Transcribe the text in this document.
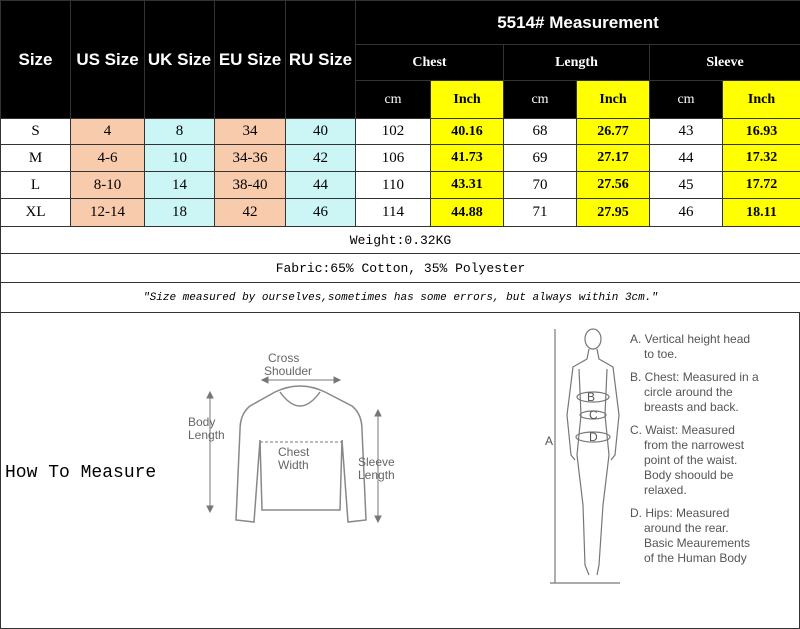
Size	US Size	UK Size	EU Size	RU Size	5514# Measurement					
					Chest		Length		Sleeve	
					cm	Inch	cm	Inch	cm	Inch
S	4	8	34	40	102	40.16	68	26.77	43	16.93
M	4-6	10	34-36	42	106	41.73	69	27.17	44	17.32
L	8-10	14	38-40	44	110	43.31	70	27.56	45	17.72
XL	12-14	18	42	46	114	44.88	71	27.95	46	18.11
Weight:0.32KG										
Fabric:65% Cotton, 35% Polyester										
"Size measured by ourselves,sometimes has some errors, but always within 3cm."										
How To Measure
Cross
Shoulder
Body
Length
Chest
Width	Sleeve
Length
A
B
C
D
A. Vertical height head
to toe.
B. Chest: Measured in a
circle around the
breasts and back.
C. Waist: Measured
from the narrowest
point of the waist.
Body shoould be
relaxed.
D. Hips: Measured
around the rear.
Basic Meaurements
of the Human Body
